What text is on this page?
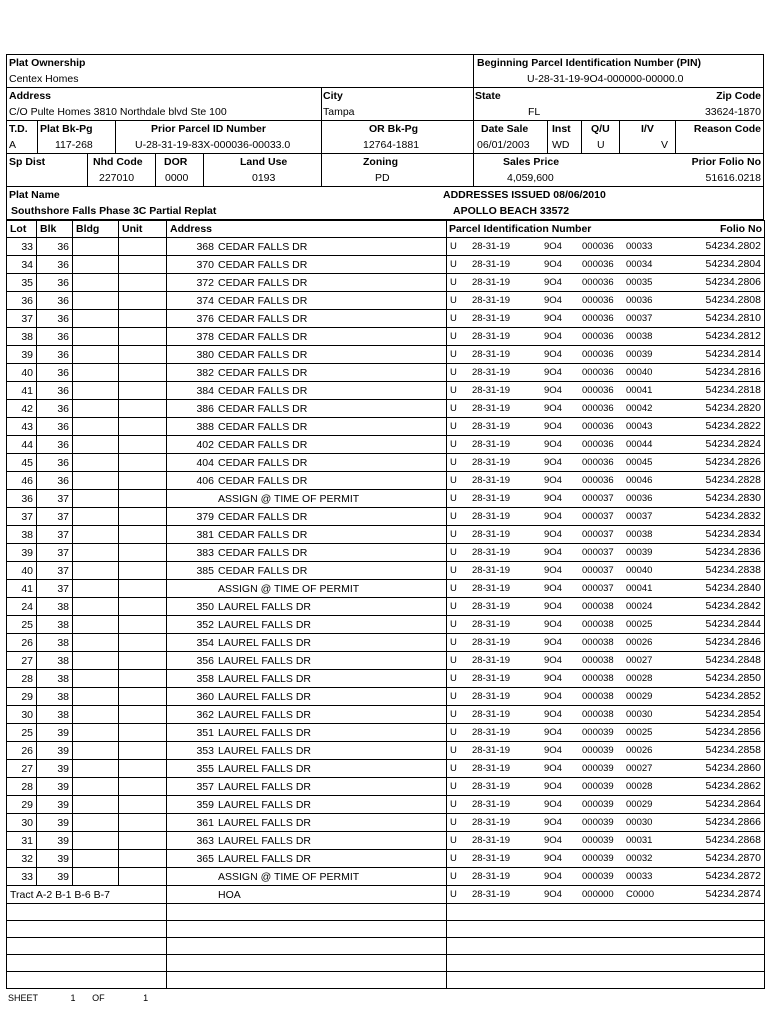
Plat Ownership
Centex Homes
Beginning Parcel Identification Number (PIN)
U-28-31-19-9O4-000000-00000.0
Address
C/O Pulte Homes 3810 Northdale blvd Ste 100
City
Tampa
State
FL
Zip Code
33624-1870
T.D.
A
Plat Bk-Pg
117-268
Prior Parcel ID Number
U-28-31-19-83X-000036-00033.0
OR Bk-Pg
12764-1881
Date Sale
06/01/2003
Inst
WD
Q/U
U
I/V
V
Reason Code
Sp Dist	Nhd Code
227010
DOR
0000
Land Use
0193
Zoning
PD
Sales Price
4,059,600
Prior Folio No
51616.0218
Plat Name
Southshore Falls Phase 3C Partial Replat
ADDRESSES ISSUED 08/06/2010
APOLLO BEACH 33572
Lot	Blk	Bldg	Unit	Address	Parcel Identification Number Folio No

33	36			368 CEDAR FALLS DR	U 28-31-19 9O4 000036 00033 54234.2802

34	36			370 CEDAR FALLS DR	U 28-31-19 9O4 000036 00034 54234.2804

35	36			372 CEDAR FALLS DR	U 28-31-19 9O4 000036 00035 54234.2806

36	36			374 CEDAR FALLS DR	U 28-31-19 9O4 000036 00036 54234.2808

37	36			376 CEDAR FALLS DR	U 28-31-19 9O4 000036 00037 54234.2810

38	36			378 CEDAR FALLS DR	U 28-31-19 9O4 000036 00038 54234.2812

39	36			380 CEDAR FALLS DR	U 28-31-19 9O4 000036 00039 54234.2814

40	36			382 CEDAR FALLS DR	U 28-31-19 9O4 000036 00040 54234.2816

41	36			384 CEDAR FALLS DR	U 28-31-19 9O4 000036 00041 54234.2818

42	36			386 CEDAR FALLS DR	U 28-31-19 9O4 000036 00042 54234.2820

43	36			388 CEDAR FALLS DR	U 28-31-19 9O4 000036 00043 54234.2822

44	36			402 CEDAR FALLS DR	U 28-31-19 9O4 000036 00044 54234.2824

45	36			404 CEDAR FALLS DR	U 28-31-19 9O4 000036 00045 54234.2826

46	36			406 CEDAR FALLS DR	U 28-31-19 9O4 000036 00046 54234.2828

36	37			ASSIGN @ TIME OF PERMIT	U 28-31-19 9O4 000037 00036 54234.2830

37	37			379 CEDAR FALLS DR	U 28-31-19 9O4 000037 00037 54234.2832

38	37			381 CEDAR FALLS DR	U 28-31-19 9O4 000037 00038 54234.2834

39	37			383 CEDAR FALLS DR	U 28-31-19 9O4 000037 00039 54234.2836

40	37			385 CEDAR FALLS DR	U 28-31-19 9O4 000037 00040 54234.2838

41	37			ASSIGN @ TIME OF PERMIT	U 28-31-19 9O4 000037 00041 54234.2840

24	38			350 LAUREL FALLS DR	U 28-31-19 9O4 000038 00024 54234.2842

25	38			352 LAUREL FALLS DR	U 28-31-19 9O4 000038 00025 54234.2844

26	38			354 LAUREL FALLS DR	U 28-31-19 9O4 000038 00026 54234.2846

27	38			356 LAUREL FALLS DR	U 28-31-19 9O4 000038 00027 54234.2848

28	38			358 LAUREL FALLS DR	U 28-31-19 9O4 000038 00028 54234.2850

29	38			360 LAUREL FALLS DR	U 28-31-19 9O4 000038 00029 54234.2852

30	38			362 LAUREL FALLS DR	U 28-31-19 9O4 000038 00030 54234.2854

25	39			351 LAUREL FALLS DR	U 28-31-19 9O4 000039 00025 54234.2856

26	39			353 LAUREL FALLS DR	U 28-31-19 9O4 000039 00026 54234.2858

27	39			355 LAUREL FALLS DR	U 28-31-19 9O4 000039 00027 54234.2860

28	39			357 LAUREL FALLS DR	U 28-31-19 9O4 000039 00028 54234.2862

29	39			359 LAUREL FALLS DR	U 28-31-19 9O4 000039 00029 54234.2864

30	39			361 LAUREL FALLS DR	U 28-31-19 9O4 000039 00030 54234.2866

31	39			363 LAUREL FALLS DR	U 28-31-19 9O4 000039 00031 54234.2868

32	39			365 LAUREL FALLS DR	U 28-31-19 9O4 000039 00032 54234.2870

33	39			ASSIGN @ TIME OF PERMIT	U 28-31-19 9O4 000039 00033 54234.2872

Tract A-2 B-1 B-6 B-7				HOA	U 28-31-19 9O4 000000 C0000 54234.2874

SHEET	1 OF	1
